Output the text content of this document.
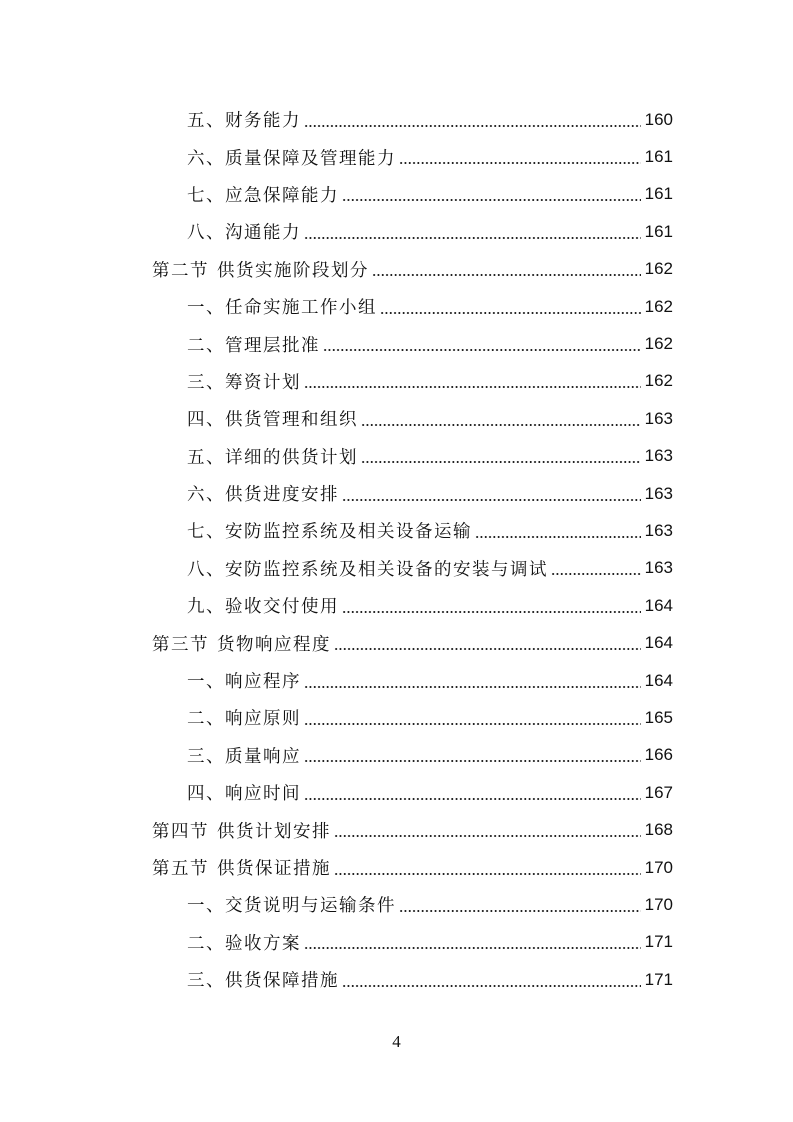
五、财务能力	160
六、质量保障及管理能力	161
七、应急保障能力	161
八、沟通能力	161
第二节 供货实施阶段划分	162
一、任命实施工作小组	162
二、管理层批准	162
三、筹资计划	162
四、供货管理和组织	163
五、详细的供货计划	163
六、供货进度安排	163
七、安防监控系统及相关设备运输	163
八、安防监控系统及相关设备的安装与调试	163
九、验收交付使用	164
第三节 货物响应程度	164
一、响应程序	164
二、响应原则	165
三、质量响应	166
四、响应时间	167
第四节 供货计划安排	168
第五节 供货保证措施	170
一、交货说明与运输条件	170
二、验收方案	171
三、供货保障措施	171
4
